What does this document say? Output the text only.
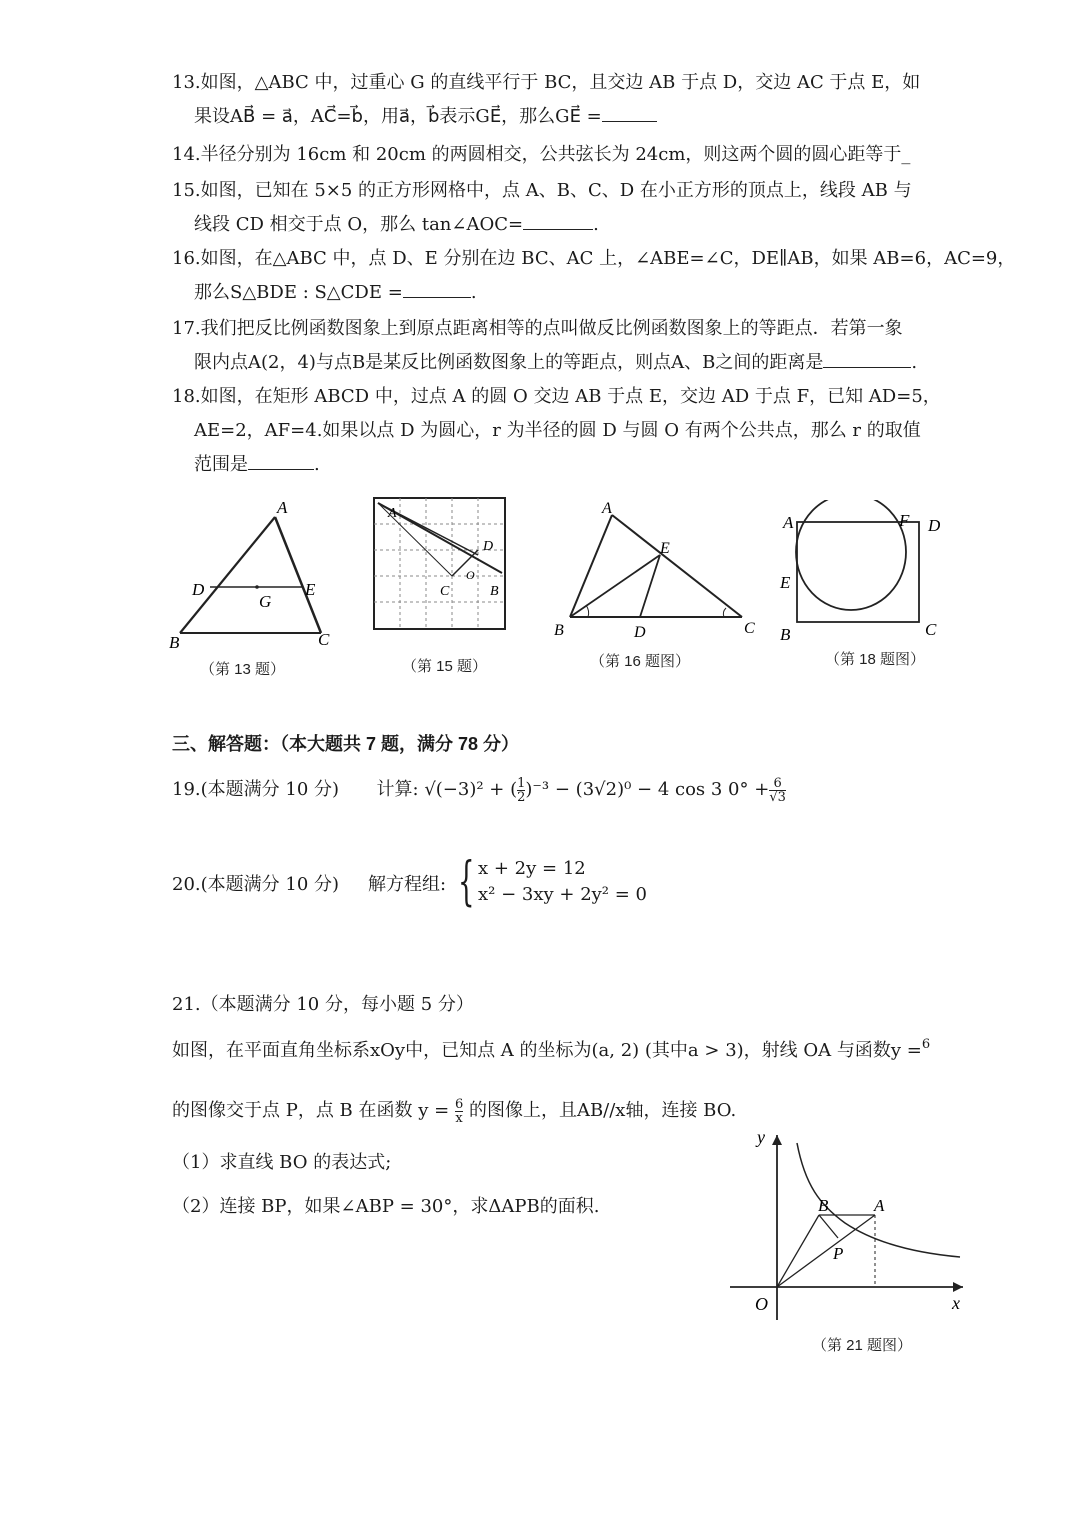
13.如图，△ABC 中，过重心 G 的直线平行于 BC，且交边 AB 于点 D，交边 AC 于点 E，如
果设AB⃗ = a⃗，AC⃗=b⃗，用a⃗，b⃗表示GE⃗，那么GE⃗ =
14.半径分别为 16cm 和 20cm 的两圆相交，公共弦长为 24cm，则这两个圆的圆心距等于_
15.如图，已知在 5×5 的正方形网格中，点 A、B、C、D 在小正方形的顶点上，线段 AB 与
线段 CD 相交于点 O，那么 tan∠AOC=	.
16.如图，在△ABC 中，点 D、E 分别在边 BC、AC 上，∠ABE=∠C，DE∥AB，如果 AB=6，AC=9，
那么S△BDE : S△CDE =	.
17.我们把反比例函数图象上到原点距离相等的点叫做反比例函数图象上的等距点．若第一象
限内点A(2，4)与点B是某反比例函数图象上的等距点，则点A、B之间的距离是	.
18.如图，在矩形 ABCD 中，过点 A 的圆 O 交边 AB 于点 E，交边 AD 于点 F，已知 AD=5，
AE=2，AF=4.如果以点 D 为圆心，r 为半径的圆 D 与圆 O 有两个公共点，那么 r 的取值
范围是	.
A
B	C
D	E
G
（第 13 题）
A
B
C
D
O
（第 15 题）
A
B	C
D
E
（第 16 题图）
A
B	C
D
E
F
（第 18 题图）
三、解答题：（本大题共 7 题，满分 78 分）
19.(本题满分 10 分) 计算: √(−3)² + ( $\frac{1}{2} )^{-3} - (3√2)^0 - 4$ cos 3 $0^\circ + \frac{6}{√3}$
20.(本题满分 10 分)	解方程组: { x + 2y = 12
x² − 3xy + 2y² = 0
21.（本题满分 10 分，每小题 5 分）
如图，在平面直角坐标系xOy中，已知点 A 的坐标为(a, 2) (其中a > 3)，射线 OA 与函数y =$^6$
的图像交于点 P，点 B 在函数 $y = \frac{6}{x}$ 的图像上，且AB//x轴，连接 BO.
（1）求直线 BO 的表达式;
（2）连接 BP，如果∠ABP = 30°，求ΔAPB的面积.
y
x
O
A
B
P
（第 21 题图）
